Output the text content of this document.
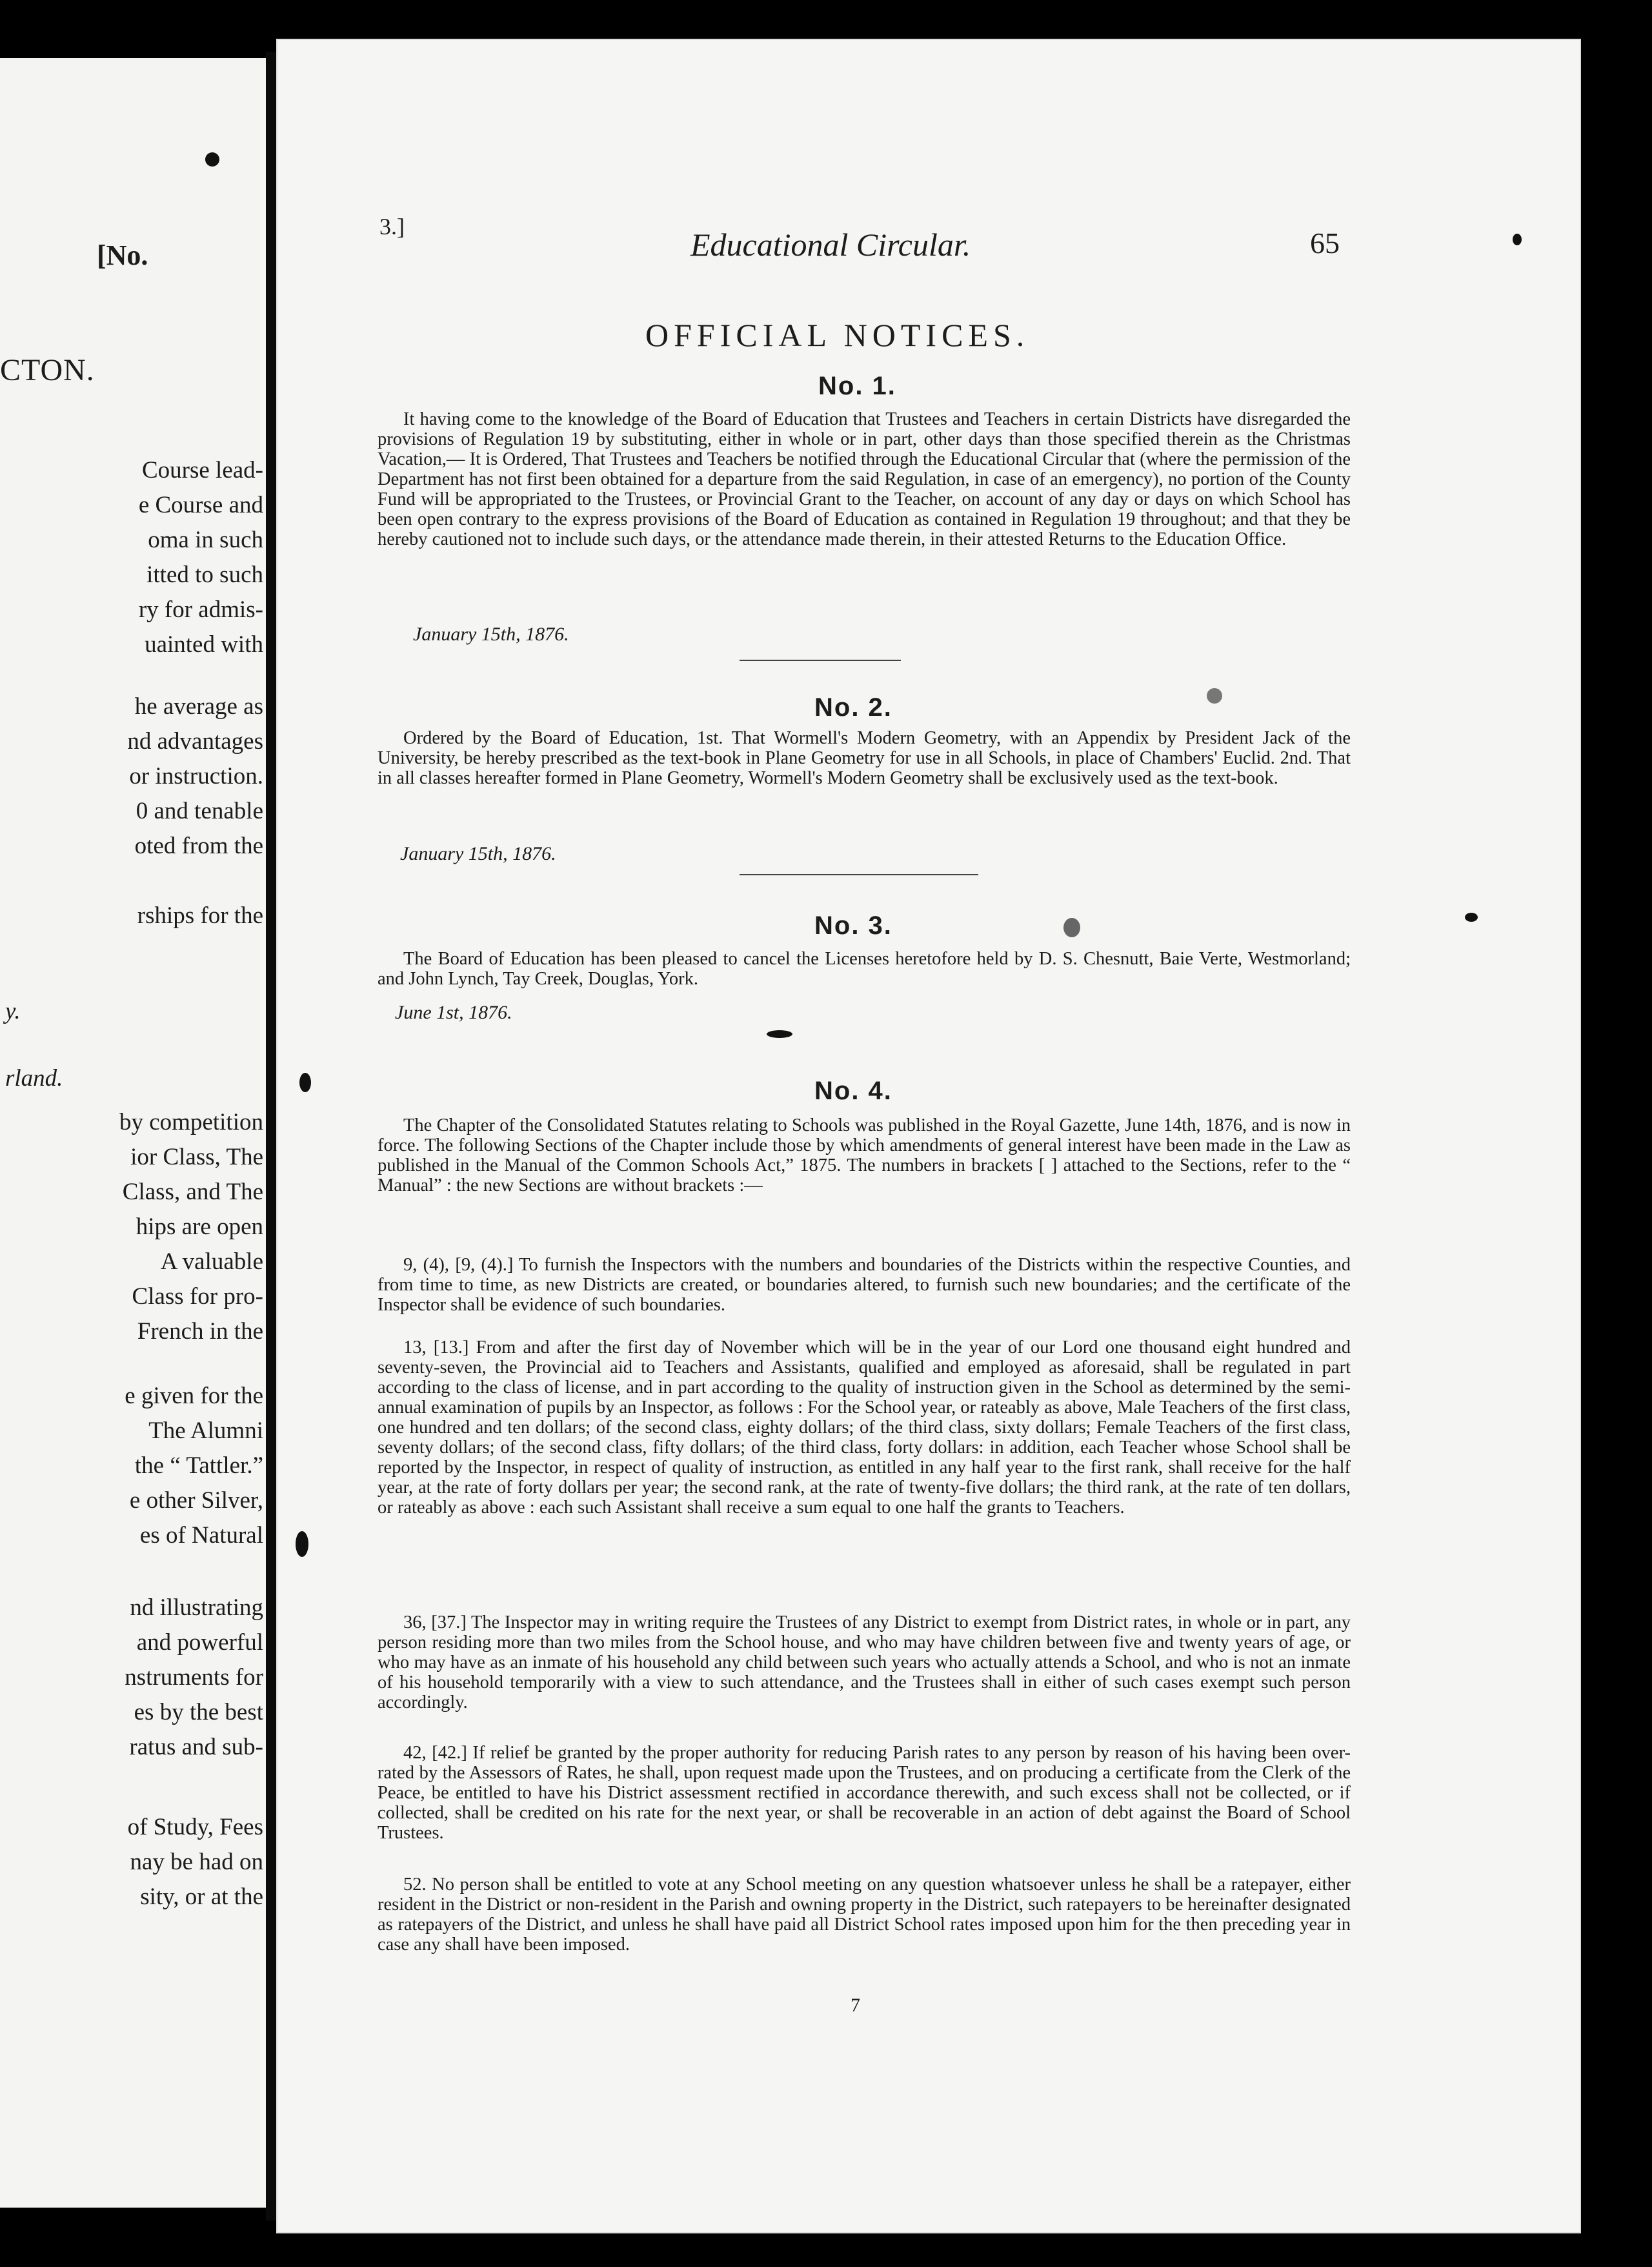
[No.
CTON.
Course lead-
e Course and
oma in such
itted to such
ry for admis-
uainted with
he average as
nd advantages
or instruction.
0 and tenable
oted from the
rships for the
y.
rland.
by competition
ior Class, The
Class, and The
hips are open
A valuable
Class for pro-
French in the
e given for the
The Alumni
the “ Tattler.”
e other Silver,
es of Natural
nd illustrating
and powerful
nstruments for
es by the best
ratus and sub-
of Study, Fees
nay be had on
sity, or at the
3.]	Educational Circular.	65
OFFICIAL NOTICES.
No. 1.

It having come to the knowledge of the Board of Education that Trustees and Teachers in certain Districts have disregarded the provisions of Regulation 19 by substituting, either in whole or in part, other days than those specified therein as the Christmas Vacation,— It is Ordered, That Trustees and Teachers be notified through the Educational Circular that (where the permission of the Department has not first been obtained for a departure from the said Regulation, in case of an emergency), no portion of the County Fund will be appropriated to the Trustees, or Provincial Grant to the Teacher, on account of any day or days on which School has been open contrary to the express provisions of the Board of Education as contained in Regulation 19 throughout; and that they be hereby cautioned not to include such days, or the attendance made therein, in their attested Returns to the Education Office.

January 15th, 1876.
No. 2.

Ordered by the Board of Education, 1st. That Wormell's Modern Geometry, with an Appendix by President Jack of the University, be hereby prescribed as the text-book in Plane Geometry for use in all Schools, in place of Chambers' Euclid. 2nd. That in all classes hereafter formed in Plane Geometry, Wormell's Modern Geometry shall be exclusively used as the text-book.

January 15th, 1876.
No. 3.

The Board of Education has been pleased to cancel the Licenses heretofore held by D. S. Chesnutt, Baie Verte, Westmorland; and John Lynch, Tay Creek, Douglas, York.

June 1st, 1876.
No. 4.

The Chapter of the Consolidated Statutes relating to Schools was published in the Royal Gazette, June 14th, 1876, and is now in force. The following Sections of the Chapter include those by which amendments of general interest have been made in the Law as published in the Manual of the Common Schools Act,” 1875. The numbers in brackets [ ] attached to the Sections, refer to the “ Manual” : the new Sections are without brackets :—

9, (4), [9, (4).] To furnish the Inspectors with the numbers and boundaries of the Districts within the respective Counties, and from time to time, as new Districts are created, or boundaries altered, to furnish such new boundaries; and the certificate of the Inspector shall be evidence of such boundaries.

13, [13.] From and after the first day of November which will be in the year of our Lord one thousand eight hundred and seventy-seven, the Provincial aid to Teachers and Assistants, qualified and employed as aforesaid, shall be regulated in part according to the class of license, and in part according to the quality of instruction given in the School as determined by the semi-annual examination of pupils by an Inspector, as follows : For the School year, or rateably as above, Male Teachers of the first class, one hundred and ten dollars; of the second class, eighty dollars; of the third class, sixty dollars; Female Teachers of the first class, seventy dollars; of the second class, fifty dollars; of the third class, forty dollars: in addition, each Teacher whose School shall be reported by the Inspector, in respect of quality of instruction, as entitled in any half year to the first rank, shall receive for the half year, at the rate of forty dollars per year; the second rank, at the rate of twenty-five dollars; the third rank, at the rate of ten dollars, or rateably as above : each such Assistant shall receive a sum equal to one half the grants to Teachers.

36, [37.] The Inspector may in writing require the Trustees of any District to exempt from District rates, in whole or in part, any person residing more than two miles from the School house, and who may have children between five and twenty years of age, or who may have as an inmate of his household any child between such years who actually attends a School, and who is not an inmate of his household temporarily with a view to such attendance, and the Trustees shall in either of such cases exempt such person accordingly.

42, [42.] If relief be granted by the proper authority for reducing Parish rates to any person by reason of his having been over-rated by the Assessors of Rates, he shall, upon request made upon the Trustees, and on producing a certificate from the Clerk of the Peace, be entitled to have his District assessment rectified in accordance therewith, and such excess shall not be collected, or if collected, shall be credited on his rate for the next year, or shall be recoverable in an action of debt against the Board of School Trustees.

52. No person shall be entitled to vote at any School meeting on any question whatsoever unless he shall be a ratepayer, either resident in the District or non-resident in the Parish and owning property in the District, such ratepayers to be hereinafter designated as ratepayers of the District, and unless he shall have paid all District School rates imposed upon him for the then preceding year in case any shall have been imposed.

7
